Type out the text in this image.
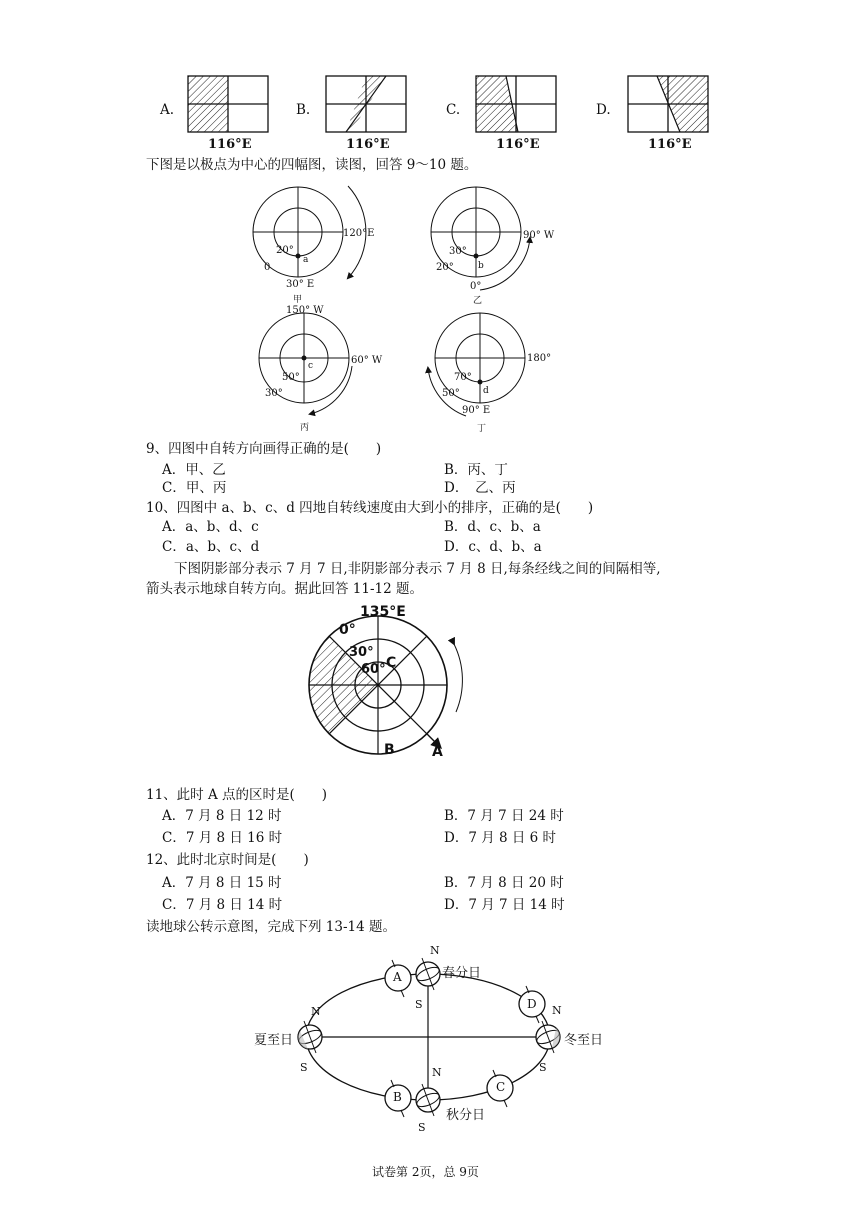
A.	B.	C.	D.
116°E	116°E	116°E	116°E
下图是以极点为中心的四幅图，读图，回答 9～10 题。
20°
0
120°E
30° E
a
甲
30°
20°
90° W
0°
b
乙
150° W
50°
30°
60° W
c
丙
70°
50°
180°
90° E
d
丁
9、四图中自转方向画得正确的是(　　)
A．甲、乙	B．丙、丁
C．甲、丙	D．　乙、丙
10、四图中 a、b、c、d 四地自转线速度由大到小的排序，正确的是(　　)
A．a、b、d、c	B．d、c、b、a
C．a、b、c、d	D．c、d、b、a
下图阴影部分表示 7 月 7 日,非阴影部分表示 7 月 8 日,每条经线之间的间隔相等,
箭头表示地球自转方向。据此回答 11-12 题。
135°E
0°
30°
60° C
B	A
11、此时 A 点的区时是(　　)
A．7 月 8 日 12 时	B．7 月 7 日 24 时
C．7 月 8 日 16 时	D．7 月 8 日 6 时
12、此时北京时间是(　　)
A．7 月 8 日 15 时	B．7 月 8 日 20 时
C．7 月 8 日 14 时	D．7 月 7 日 14 时
读地球公转示意图，完成下列 13-14 题。
春分日
夏至日	冬至日
秋分日
A
B
C
D
N
S
N
S
N
S
N
S
试卷第 2页，总 9页
